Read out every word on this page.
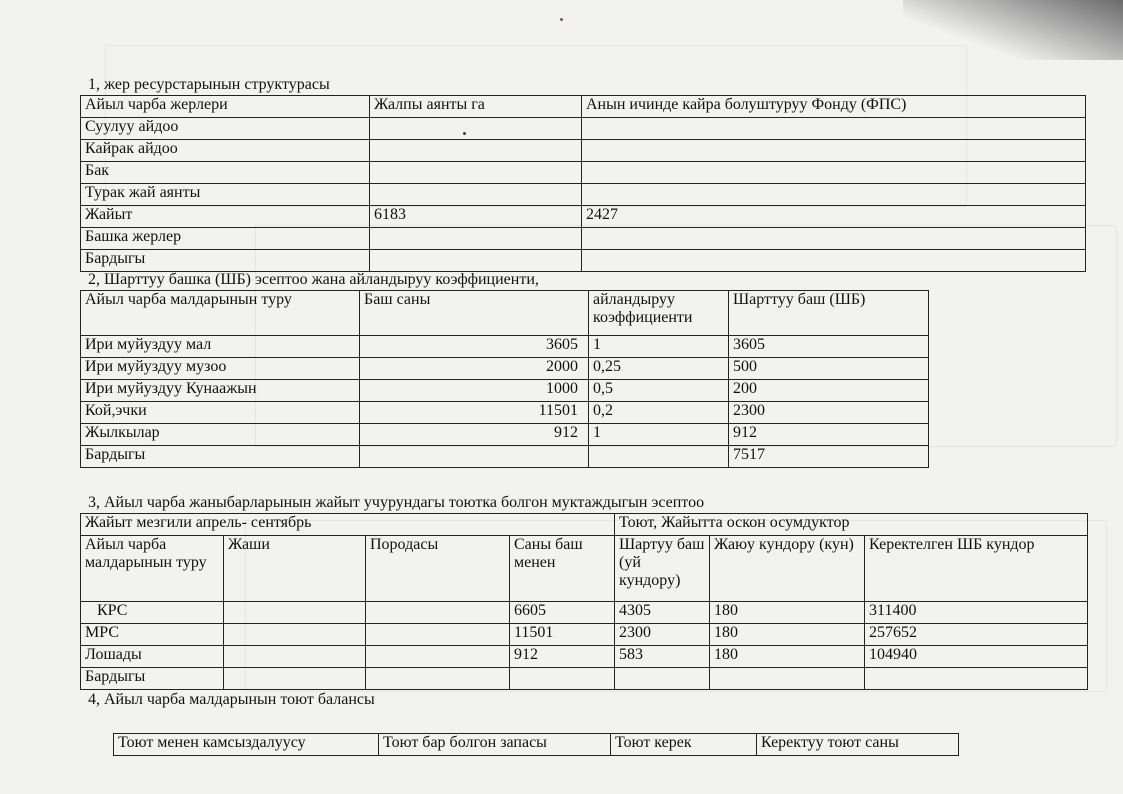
1, жер ресурстарынын структурасы
Айыл чарба жерлери	Жалпы аянты га	Анын ичинде кайра болуштуруу Фонду (ФПС)
Суулуу айдоо		
Кайрак айдоо		
Бак		
Турак жай аянты		
Жайыт	6183	2427
Башка жерлер		
Бардыгы		
2, Шарттуу башка (ШБ) эсептоо жана айландыруу коэффициенти,
Айыл чарба малдарынын туру	Баш саны	айландыруу коэффициенти	Шарттуу баш (ШБ)
Ири муйуздуу мал	3605	1	3605
Ири муйуздуу музоо	2000	0,25	500
Ири муйуздуу Кунаажын	1000	0,5	200
Кой,эчки	11501	0,2	2300
Жылкылар	912	1	912
Бардыгы			7517
3, Айыл чарба жаныбарларынын жайыт учурундагы тоютка болгон муктаждыгын эсептоо
Жайыт мезгили апрель- сентябрь				Тоют, Жайытта оскон осумдуктор		
Айыл чарба малдарынын туру	Жаши	Породасы	Саны баш менен	Шартуу баш (уй кундору)	Жаюу кундору (кун)	Керектелген ШБ кундор
КРС			6605	4305	180	311400
МРС			11501	2300	180	257652
Лошады			912	583	180	104940
Бардыгы						
4, Айыл чарба малдарынын тоют балансы
Тоют менен камсыздалуусу	Тоют бар болгон запасы	Тоют керек	Керектуу тоют саны
